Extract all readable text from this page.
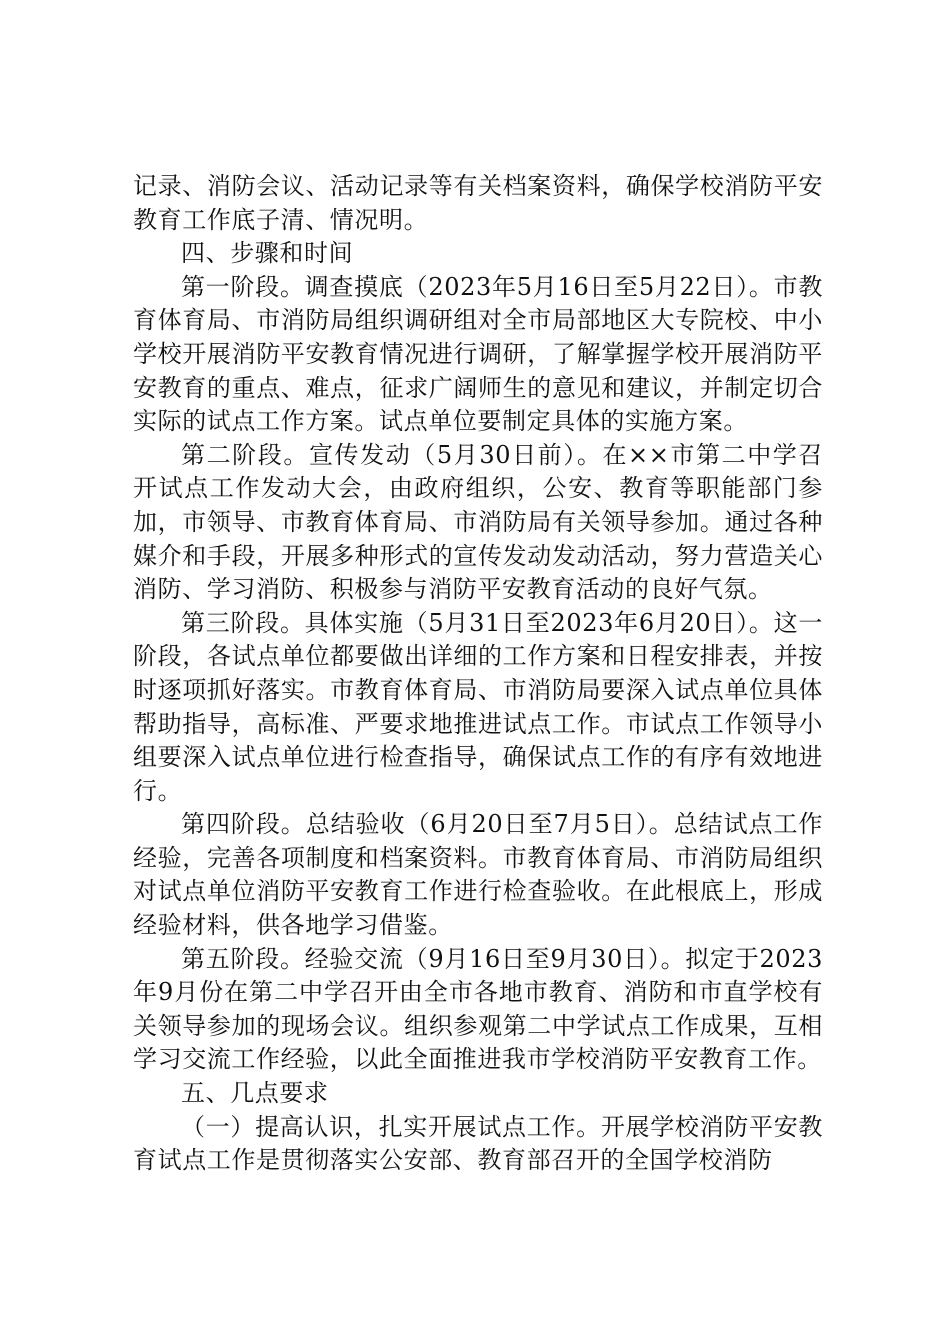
记录、消防会议、活动记录等有关档案资料，确保学校消防平安教育工作底子清、情况明。

四、步骤和时间

第一阶段。调查摸底（2023年5月16日至5月22日）。市教育体育局、市消防局组织调研组对全市局部地区大专院校、中小学校开展消防平安教育情况进行调研，了解掌握学校开展消防平安教育的重点、难点，征求广阔师生的意见和建议，并制定切合实际的试点工作方案。试点单位要制定具体的实施方案。

第二阶段。宣传发动（5月30日前）。在××市第二中学召开试点工作发动大会，由政府组织，公安、教育等职能部门参加，市领导、市教育体育局、市消防局有关领导参加。通过各种媒介和手段，开展多种形式的宣传发动发动活动，努力营造关心消防、学习消防、积极参与消防平安教育活动的良好气氛。

第三阶段。具体实施（5月31日至2023年6月20日）。这一阶段，各试点单位都要做出详细的工作方案和日程安排表，并按时逐项抓好落实。市教育体育局、市消防局要深入试点单位具体帮助指导，高标准、严要求地推进试点工作。市试点工作领导小组要深入试点单位进行检查指导，确保试点工作的有序有效地进行。

第四阶段。总结验收（6月20日至7月5日）。总结试点工作经验，完善各项制度和档案资料。市教育体育局、市消防局组织对试点单位消防平安教育工作进行检查验收。在此根底上，形成经验材料，供各地学习借鉴。

第五阶段。经验交流（9月16日至9月30日）。拟定于2023年9月份在第二中学召开由全市各地市教育、消防和市直学校有关领导参加的现场会议。组织参观第二中学试点工作成果，互相学习交流工作经验，以此全面推进我市学校消防平安教育工作。

五、几点要求

（一）提高认识，扎实开展试点工作。开展学校消防平安教育试点工作是贯彻落实公安部、教育部召开的全国学校消防
